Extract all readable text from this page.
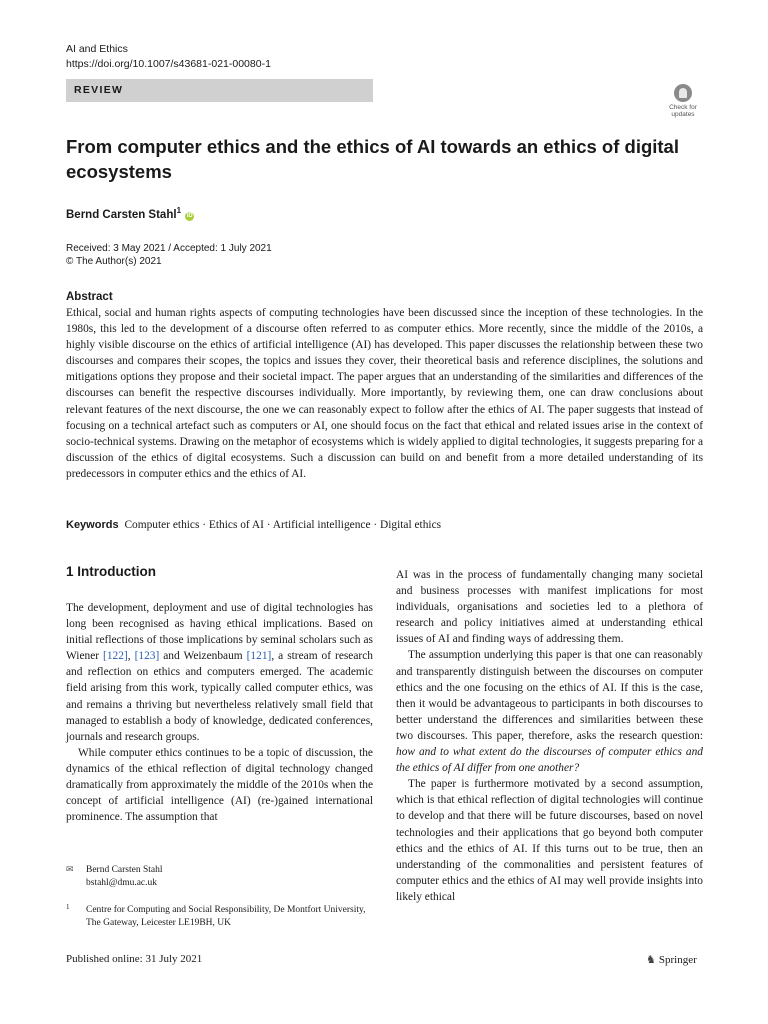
AI and Ethics
https://doi.org/10.1007/s43681-021-00080-1
REVIEW
Check for
updates
From computer ethics and the ethics of AI towards an ethics of digital ecosystems
Bernd Carsten Stahl$^1$ iD
Received: 3 May 2021 / Accepted: 1 July 2021
© The Author(s) 2021
Abstract
Ethical, social and human rights aspects of computing technologies have been discussed since the inception of these technologies. In the 1980s, this led to the development of a discourse often referred to as computer ethics. More recently, since the middle of the 2010s, a highly visible discourse on the ethics of artificial intelligence (AI) has developed. This paper discusses the relationship between these two discourses and compares their scopes, the topics and issues they cover, their theoretical basis and reference disciplines, the solutions and mitigations options they propose and their societal impact. The paper argues that an understanding of the similarities and differences of the discourses can benefit the respective discourses individually. More importantly, by reviewing them, one can draw conclusions about relevant features of the next discourse, the one we can reasonably expect to follow after the ethics of AI. The paper suggests that instead of focusing on a technical artefact such as computers or AI, one should focus on the fact that ethical and related issues arise in the context of socio-technical systems. Drawing on the metaphor of ecosystems which is widely applied to digital technologies, it suggests preparing for a discussion of the ethics of digital ecosystems. Such a discussion can build on and benefit from a more detailed understanding of its predecessors in computer ethics and the ethics of AI.
Keywords Computer ethics · Ethics of AI · Artificial intelligence · Digital ethics
1 Introduction

The development, deployment and use of digital technologies has long been recognised as having ethical implications. Based on initial reflections of those implications by seminal scholars such as Wiener [122], [123] and Weizenbaum [121], a stream of research and reflection on ethics and computers emerged. The academic field arising from this work, typically called computer ethics, was and remains a thriving but nevertheless relatively small field that managed to establish a body of knowledge, dedicated conferences, journals and research groups.

While computer ethics continues to be a topic of discussion, the dynamics of the ethical reflection of digital technology changed dramatically from approximately the middle of the 2010s when the concept of artificial intelligence (AI) (re-)gained international prominence. The assumption that

AI was in the process of fundamentally changing many societal and business processes with manifest implications for most individuals, organisations and societies led to a plethora of research and policy initiatives aimed at understanding ethical issues of AI and finding ways of addressing them.

The assumption underlying this paper is that one can reasonably and transparently distinguish between the discourses on computer ethics and the one focusing on the ethics of AI. If this is the case, then it would be advantageous to participants in both discourses to better understand the differences and similarities between these two discourses. This paper, therefore, asks the research question: how and to what extent do the discourses of computer ethics and the ethics of AI differ from one another?

The paper is furthermore motivated by a second assumption, which is that ethical reflection of digital technologies will continue to develop and that there will be future discourses, based on novel technologies and their applications that go beyond both computer ethics and the ethics of AI. If this turns out to be true, then an understanding of the commonalities and persistent features of computer ethics and the ethics of AI may well provide insights into likely ethical

✉ Bernd Carsten Stahl
bstahl@dmu.ac.uk
1	Centre for Computing and Social Responsibility, De Montfort University, The Gateway, Leicester LE19BH, UK
Published online: 31 July 2021	♞ Springer
